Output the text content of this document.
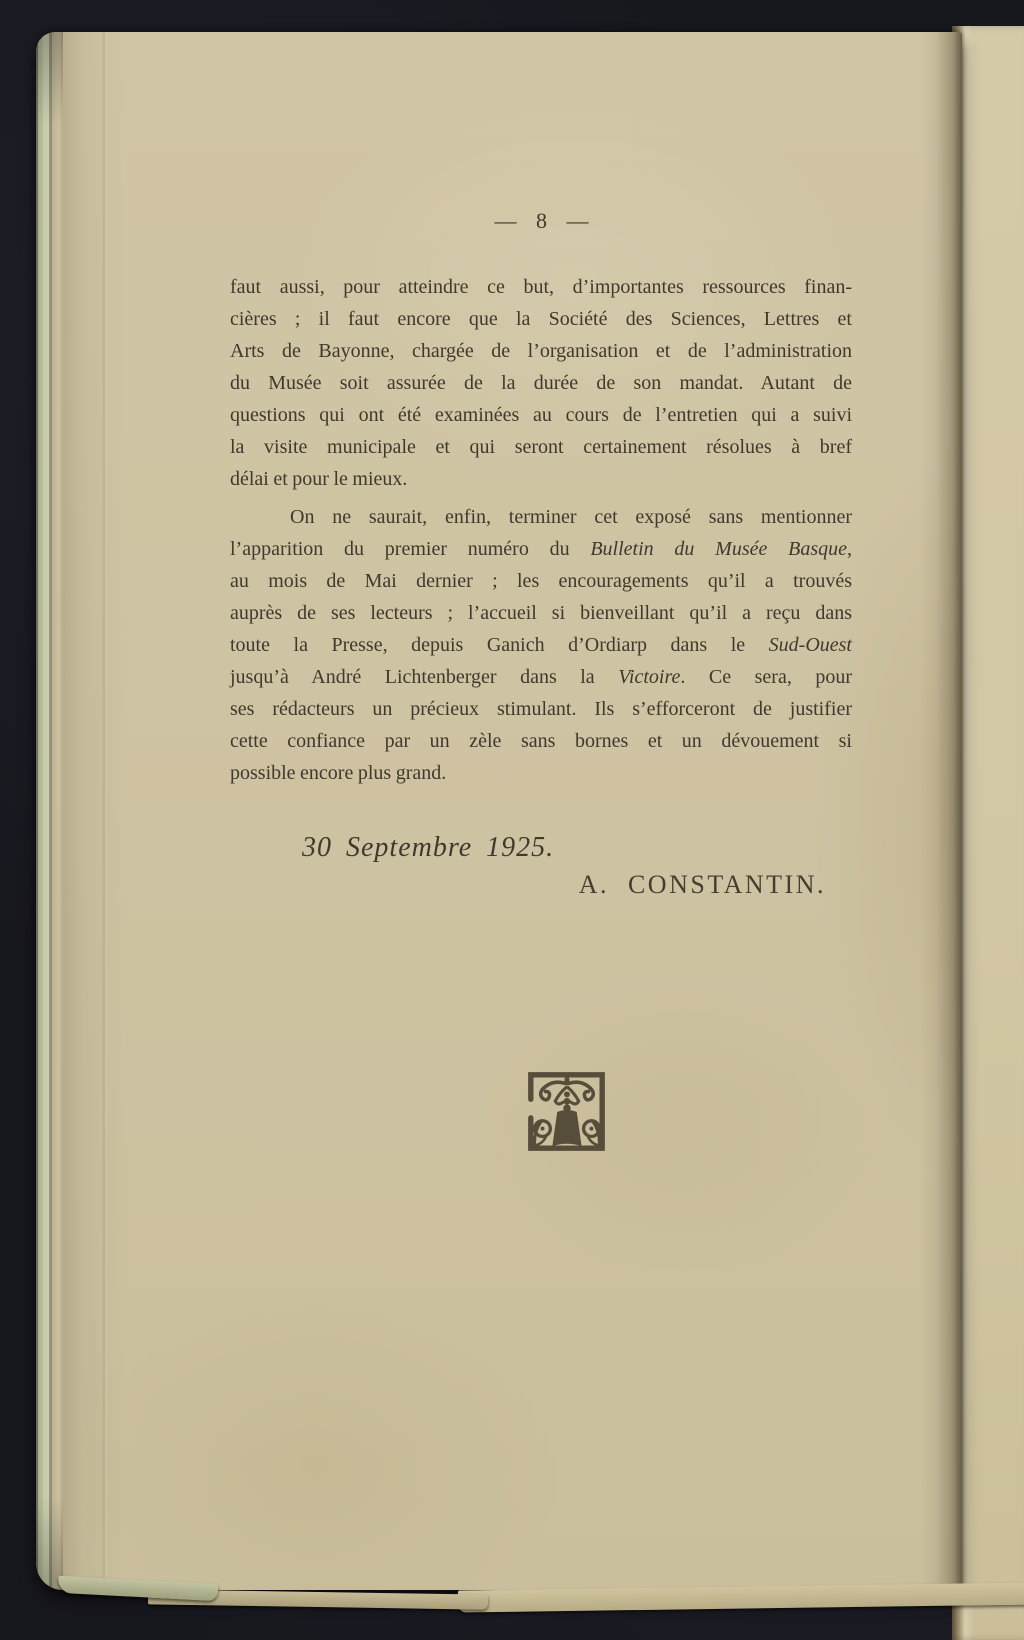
— 8 —
faut aussi, pour atteindre ce but, d’importantes ressources finan-
cières ; il faut encore que la Société des Sciences, Lettres et
Arts de Bayonne, chargée de l’organisation et de l’administration
du Musée soit assurée de la durée de son mandat. Autant de
questions qui ont été examinées au cours de l’entretien qui a suivi
la visite municipale et qui seront certainement résolues à bref
délai et pour le mieux.
On ne saurait, enfin, terminer cet exposé sans mentionner
l’apparition du premier numéro du Bulletin du Musée Basque,
au mois de Mai dernier ; les encouragements qu’il a trouvés
auprès de ses lecteurs ; l’accueil si bienveillant qu’il a reçu dans
toute la Presse, depuis Ganich d’Ordiarp dans le Sud-Ouest
jusqu’à André Lichtenberger dans la Victoire. Ce sera, pour
ses rédacteurs un précieux stimulant. Ils s’efforceront de justifier
cette confiance par un zèle sans bornes et un dévouement si
possible encore plus grand.
30 Septembre 1925.
A. CONSTANTIN.
